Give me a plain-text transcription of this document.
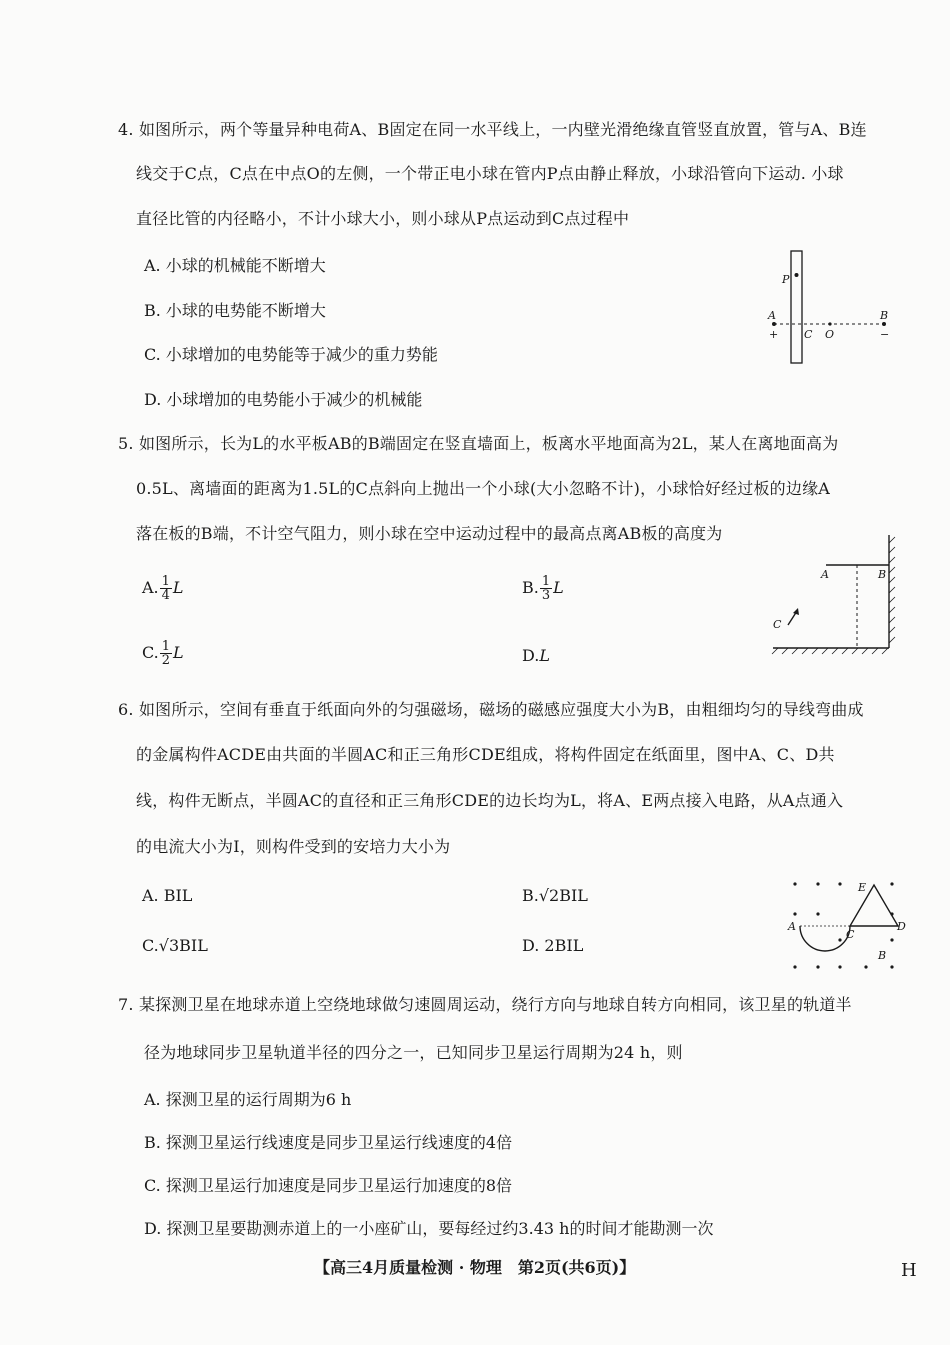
4. 如图所示，两个等量异种电荷A、B固定在同一水平线上，一内壁光滑绝缘直管竖直放置，管与A、B连
线交于C点，C点在中点O的左侧，一个带正电小球在管内P点由静止释放，小球沿管向下运动. 小球
直径比管的内径略小，不计小球大小，则小球从P点运动到C点过程中
A. 小球的机械能不断增大
B. 小球的电势能不断增大
C. 小球增加的电势能等于减少的重力势能
D. 小球增加的电势能小于减少的机械能
P
A
+ C O
B
−
5. 如图所示，长为L的水平板AB的B端固定在竖直墙面上，板离水平地面高为2L，某人在离地面高为
0.5L、离墙面的距离为1.5L的C点斜向上抛出一个小球(大小忽略不计)，小球恰好经过板的边缘A
落在板的B端，不计空气阻力，则小球在空中运动过程中的最高点离AB板的高度为
A. $\frac{1}{4}$ L	B. $\frac{1}{3}$ L
C. $\frac{1}{2}$ L	D.L
A	B
C
6. 如图所示，空间有垂直于纸面向外的匀强磁场，磁场的磁感应强度大小为B，由粗细均匀的导线弯曲成
的金属构件ACDE由共面的半圆AC和正三角形CDE组成，将构件固定在纸面里，图中A、C、D共
线，构件无断点，半圆AC的直径和正三角形CDE的边长均为L，将A、E两点接入电路，从A点通入
的电流大小为I，则构件受到的安培力大小为
A. BIL	B.√2BIL
C.√3BIL	D. 2BIL
E
A
C
D
B
7. 某探测卫星在地球赤道上空绕地球做匀速圆周运动，绕行方向与地球自转方向相同，该卫星的轨道半
径为地球同步卫星轨道半径的四分之一，已知同步卫星运行周期为24 h，则
A. 探测卫星的运行周期为6 h
B. 探测卫星运行线速度是同步卫星运行线速度的4倍
C. 探测卫星运行加速度是同步卫星运行加速度的8倍
D. 探测卫星要勘测赤道上的一小座矿山，要每经过约3.43 h的时间才能勘测一次
【高三4月质量检测 · 物理　第2页(共6页)】	H
